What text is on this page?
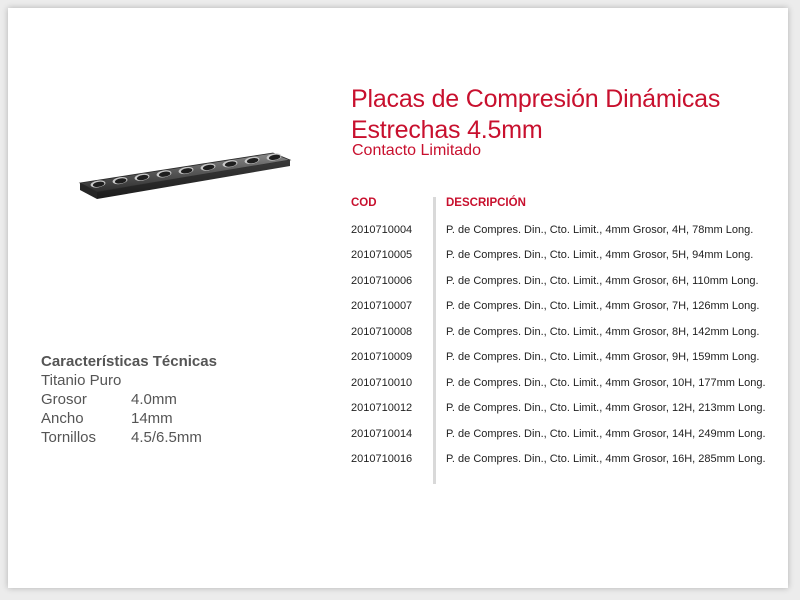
Placas de Compresión Dinámicas
Estrechas 4.5mm
Contacto Limitado
Características Técnicas
Titanio Puro
Grosor	4.0mm
Ancho	14mm
Tornillos	4.5/6.5mm
COD	DESCRIPCIÓN
2010710004	P. de Compres. Din., Cto. Limit., 4mm Grosor, 4H, 78mm Long.
2010710005	P. de Compres. Din., Cto. Limit., 4mm Grosor, 5H, 94mm Long.
2010710006	P. de Compres. Din., Cto. Limit., 4mm Grosor, 6H, 110mm Long.
2010710007	P. de Compres. Din., Cto. Limit., 4mm Grosor, 7H, 126mm Long.
2010710008	P. de Compres. Din., Cto. Limit., 4mm Grosor, 8H, 142mm Long.
2010710009	P. de Compres. Din., Cto. Limit., 4mm Grosor, 9H, 159mm Long.
2010710010	P. de Compres. Din., Cto. Limit., 4mm Grosor, 10H, 177mm Long.
2010710012	P. de Compres. Din., Cto. Limit., 4mm Grosor, 12H, 213mm Long.
2010710014	P. de Compres. Din., Cto. Limit., 4mm Grosor, 14H, 249mm Long.
2010710016	P. de Compres. Din., Cto. Limit., 4mm Grosor, 16H, 285mm Long.
